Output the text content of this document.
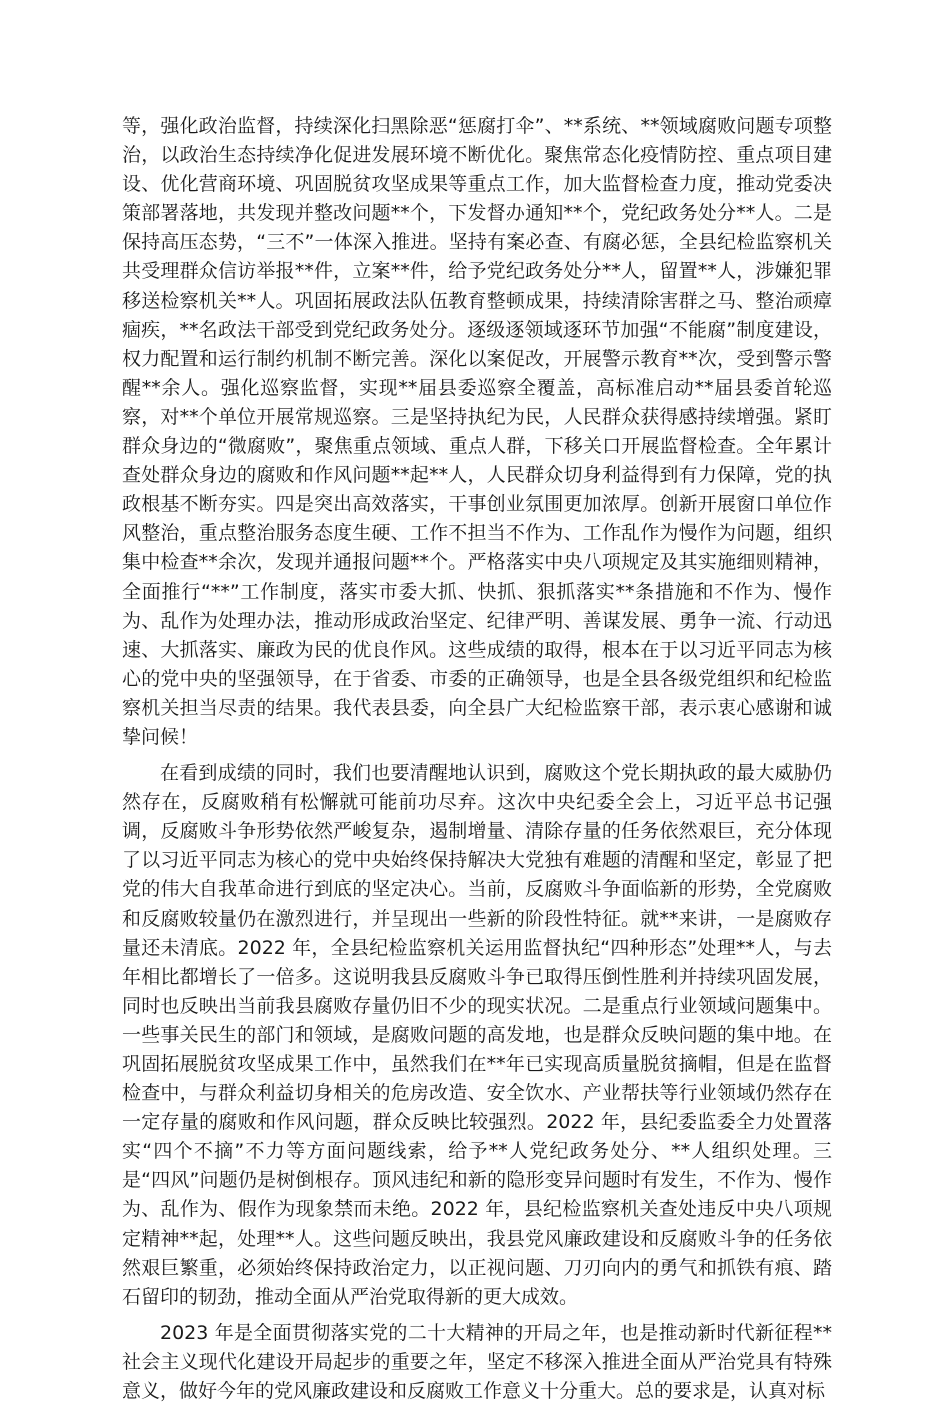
等，强化政治监督，持续深化扫黑除恶“惩腐打伞”、**系统、**领域腐败问题专项整治，以政治生态持续净化促进发展环境不断优化。聚焦常态化疫情防控、重点项目建设、优化营商环境、巩固脱贫攻坚成果等重点工作，加大监督检查力度，推动党委决策部署落地，共发现并整改问题**个，下发督办通知**个，党纪政务处分**人。二是保持高压态势，“三不”一体深入推进。坚持有案必查、有腐必惩，全县纪检监察机关共受理群众信访举报**件，立案**件，给予党纪政务处分**人，留置**人，涉嫌犯罪移送检察机关**人。巩固拓展政法队伍教育整顿成果，持续清除害群之马、整治顽瘴痼疾，**名政法干部受到党纪政务处分。逐级逐领域逐环节加强“不能腐”制度建设，权力配置和运行制约机制不断完善。深化以案促改，开展警示教育**次，受到警示警醒**余人。强化巡察监督，实现**届县委巡察全覆盖，高标准启动**届县委首轮巡察，对**个单位开展常规巡察。三是坚持执纪为民，人民群众获得感持续增强。紧盯群众身边的“微腐败”，聚焦重点领域、重点人群，下移关口开展监督检查。全年累计查处群众身边的腐败和作风问题**起**人，人民群众切身利益得到有力保障，党的执政根基不断夯实。四是突出高效落实，干事创业氛围更加浓厚。创新开展窗口单位作风整治，重点整治服务态度生硬、工作不担当不作为、工作乱作为慢作为问题，组织集中检查**余次，发现并通报问题**个。严格落实中央八项规定及其实施细则精神，全面推行“**”工作制度，落实市委大抓、快抓、狠抓落实**条措施和不作为、慢作为、乱作为处理办法，推动形成政治坚定、纪律严明、善谋发展、勇争一流、行动迅速、大抓落实、廉政为民的优良作风。这些成绩的取得，根本在于以习近平同志为核心的党中央的坚强领导，在于省委、市委的正确领导，也是全县各级党组织和纪检监察机关担当尽责的结果。我代表县委，向全县广大纪检监察干部，表示衷心感谢和诚挚问候！

在看到成绩的同时，我们也要清醒地认识到，腐败这个党长期执政的最大威胁仍然存在，反腐败稍有松懈就可能前功尽弃。这次中央纪委全会上，习近平总书记强调，反腐败斗争形势依然严峻复杂，遏制增量、清除存量的任务依然艰巨，充分体现了以习近平同志为核心的党中央始终保持解决大党独有难题的清醒和坚定，彰显了把党的伟大自我革命进行到底的坚定决心。当前，反腐败斗争面临新的形势，全党腐败和反腐败较量仍在激烈进行，并呈现出一些新的阶段性特征。就**来讲，一是腐败存量还未清底。2022 年，全县纪检监察机关运用监督执纪“四种形态”处理**人，与去年相比都增长了一倍多。这说明我县反腐败斗争已取得压倒性胜利并持续巩固发展，同时也反映出当前我县腐败存量仍旧不少的现实状况。二是重点行业领域问题集中。一些事关民生的部门和领域，是腐败问题的高发地，也是群众反映问题的集中地。在巩固拓展脱贫攻坚成果工作中，虽然我们在**年已实现高质量脱贫摘帽，但是在监督检查中，与群众利益切身相关的危房改造、安全饮水、产业帮扶等行业领域仍然存在一定存量的腐败和作风问题，群众反映比较强烈。2022 年，县纪委监委全力处置落实“四个不摘”不力等方面问题线索，给予**人党纪政务处分、**人组织处理。三是“四风”问题仍是树倒根存。顶风违纪和新的隐形变异问题时有发生，不作为、慢作为、乱作为、假作为现象禁而未绝。2022 年，县纪检监察机关查处违反中央八项规定精神**起，处理**人。这些问题反映出，我县党风廉政建设和反腐败斗争的任务依然艰巨繁重，必须始终保持政治定力，以正视问题、刀刃向内的勇气和抓铁有痕、踏石留印的韧劲，推动全面从严治党取得新的更大成效。

2023 年是全面贯彻落实党的二十大精神的开局之年，也是推动新时代新征程**社会主义现代化建设开局起步的重要之年，坚定不移深入推进全面从严治党具有特殊意义，做好今年的党风廉政建设和反腐败工作意义十分重大。总的要求是，认真对标
